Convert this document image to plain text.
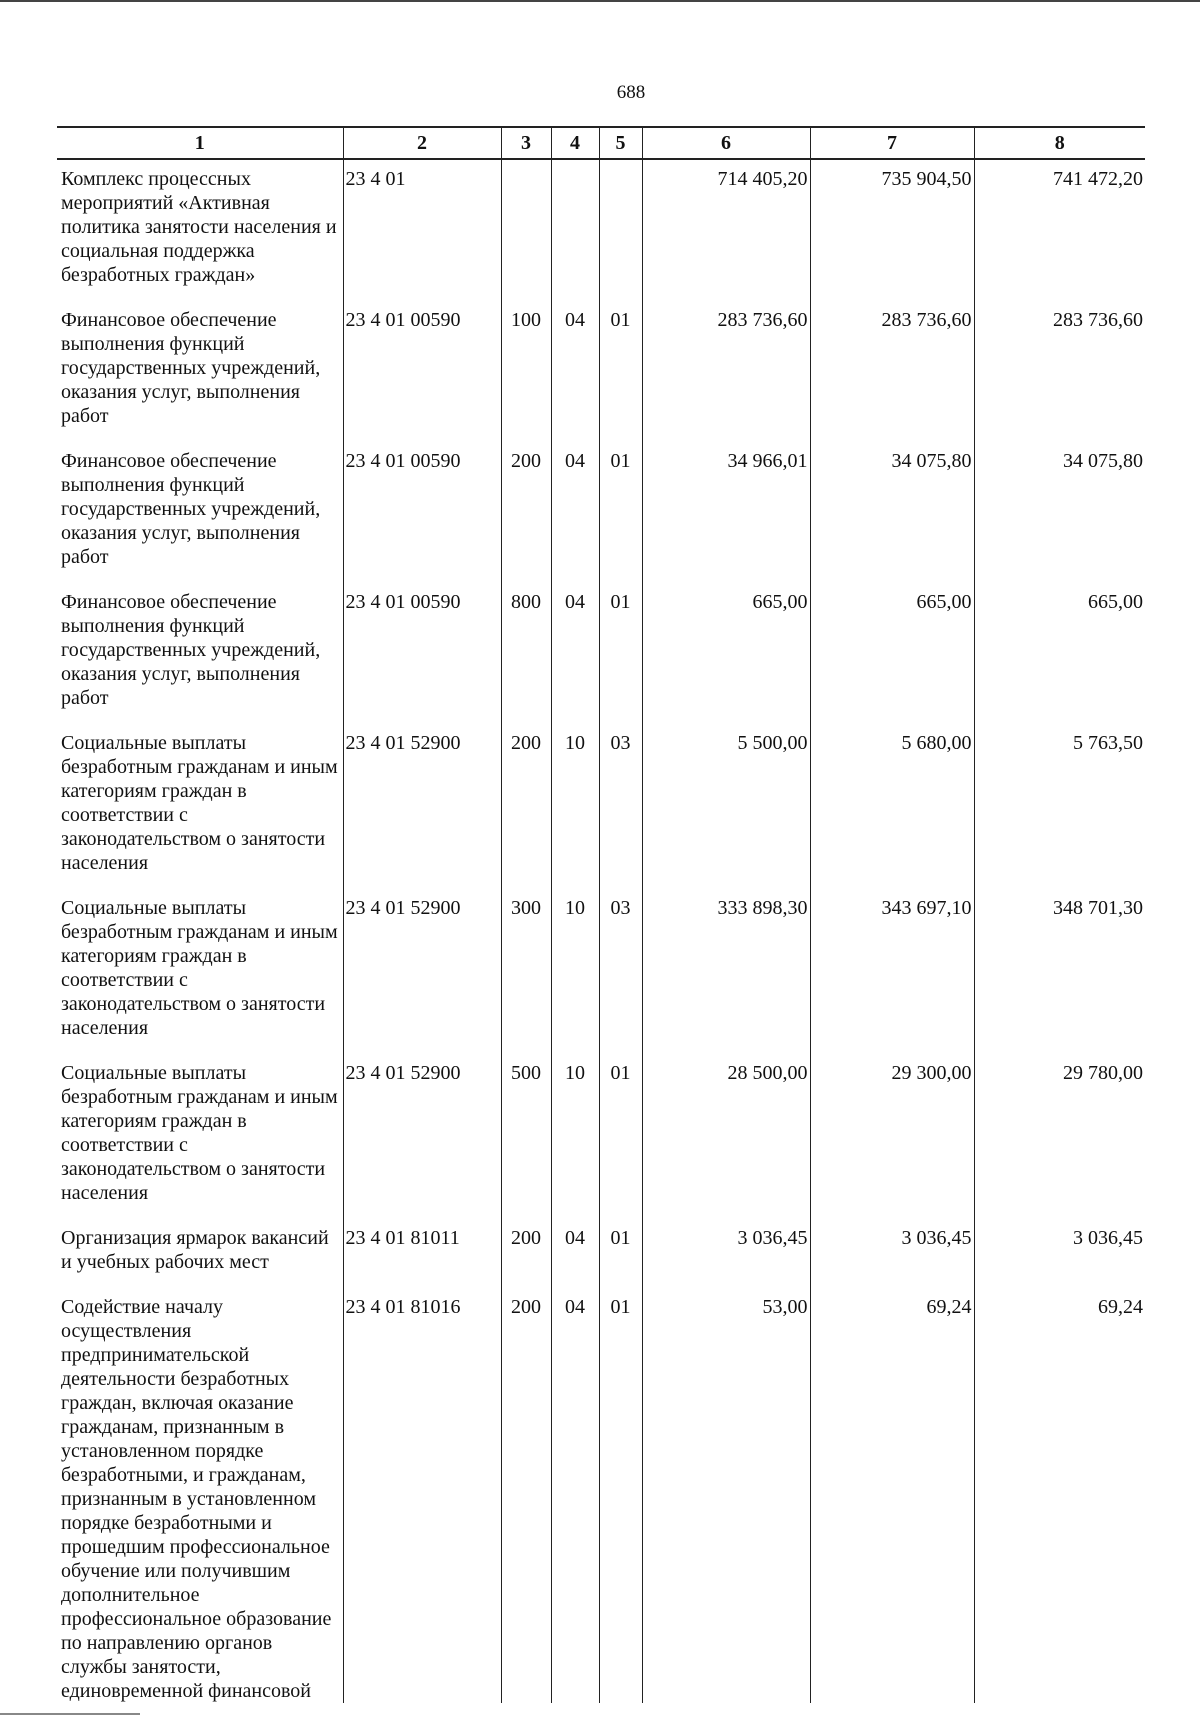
688
1	2	3	4	5	6	7	8
Комплекс процессных мероприятий «Активная политика занятости населения и социальная поддержка безработных граждан»	23 4 01				714 405,20	735 904,50	741 472,20
Финансовое обеспечение выполнения функций государственных учреждений, оказания услуг, выполнения работ	23 4 01 00590	100	04	01	283 736,60	283 736,60	283 736,60
Финансовое обеспечение выполнения функций государственных учреждений, оказания услуг, выполнения работ	23 4 01 00590	200	04	01	34 966,01	34 075,80	34 075,80
Финансовое обеспечение выполнения функций государственных учреждений, оказания услуг, выполнения работ	23 4 01 00590	800	04	01	665,00	665,00	665,00
Социальные выплаты безработным гражданам и иным категориям граждан в соответствии с законодательством о занятости населения	23 4 01 52900	200	10	03	5 500,00	5 680,00	5 763,50
Социальные выплаты безработным гражданам и иным категориям граждан в соответствии с законодательством о занятости населения	23 4 01 52900	300	10	03	333 898,30	343 697,10	348 701,30
Социальные выплаты безработным гражданам и иным категориям граждан в соответствии с законодательством о занятости населения	23 4 01 52900	500	10	01	28 500,00	29 300,00	29 780,00
Организация ярмарок вакансий и учебных рабочих мест	23 4 01 81011	200	04	01	3 036,45	3 036,45	3 036,45
Содействие началу осуществления предпринимательской деятельности безработных граждан, включая оказание гражданам, признанным в установленном порядке безработными, и гражданам, признанным в установленном порядке безработными и прошедшим профессиональное обучение или получившим дополнительное профессиональное образование по направлению органов службы занятости, единовременной финансовой	23 4 01 81016	200	04	01	53,00	69,24	69,24
